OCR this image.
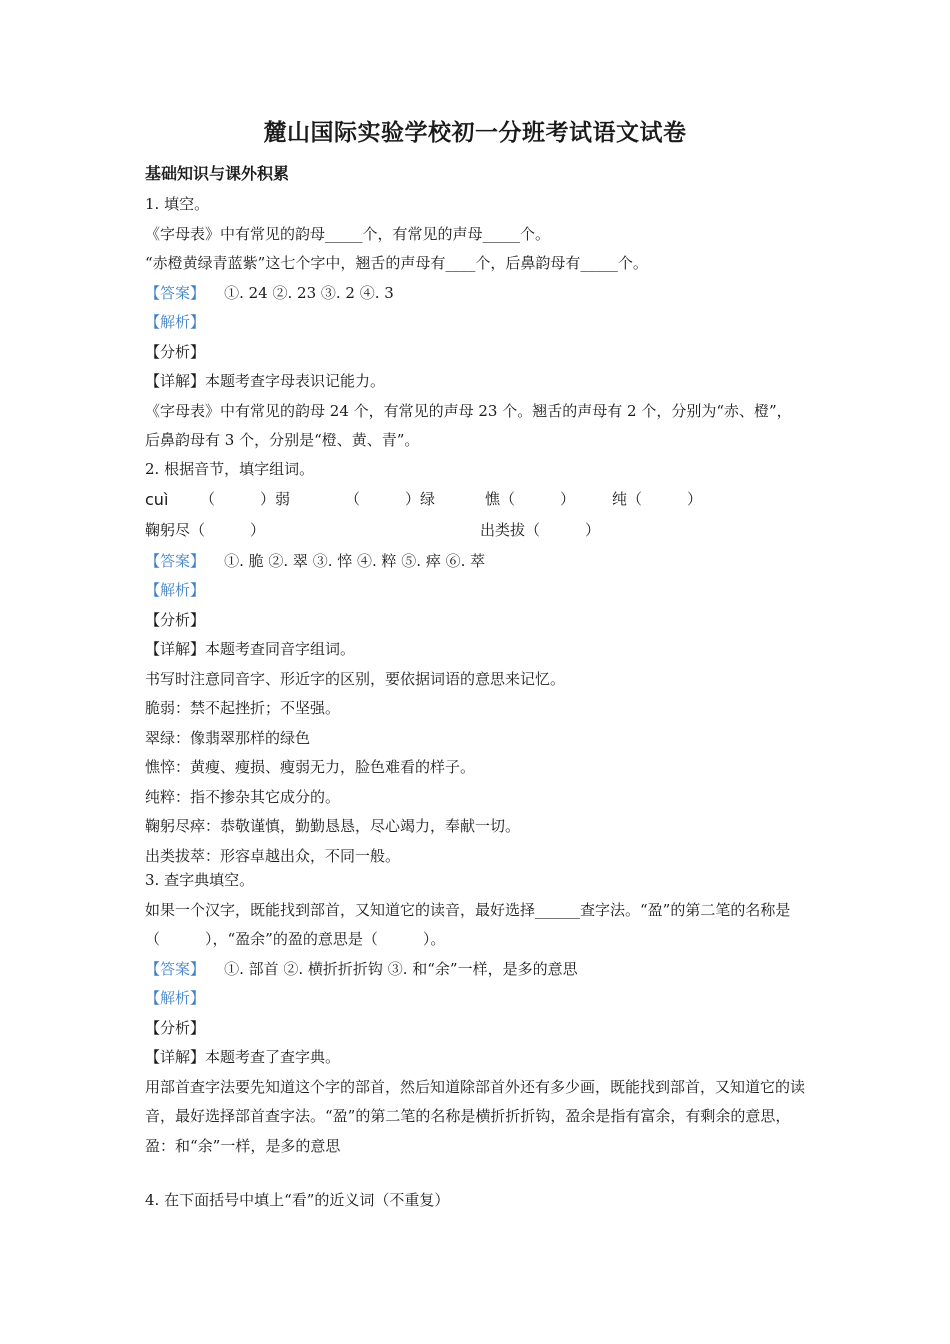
麓山国际实验学校初一分班考试语文试卷
基础知识与课外积累
1. 填空。
《字母表》中有常见的韵母_____个，有常见的声母_____个。
“赤橙黄绿青蓝紫”这七个字中，翘舌的声母有____个，后鼻韵母有_____个。
【答案】 ①. 24 ②. 23 ③. 2 ④. 3
【解析】
【分析】
【详解】本题考查字母表识记能力。
《字母表》中有常见的韵母 24 个，有常见的声母 23 个。翘舌的声母有 2 个，分别为“赤、橙”，后鼻韵母有 3 个，分别是“橙、黄、青”。
2. 根据音节，填字组词。
cuì （　　　）弱	（　　　）绿	憔（　　　） 纯（　　　）
鞠躬尽（　　　）	出类拔（　　　）
【答案】 ①. 脆 ②. 翠 ③. 悴 ④. 粹 ⑤. 瘁 ⑥. 萃
【解析】
【分析】
【详解】本题考查同音字组词。
书写时注意同音字、形近字的区别，要依据词语的意思来记忆。
脆弱：禁不起挫折；不坚强。
翠绿：像翡翠那样的绿色
憔悴：黄瘦、瘦损、瘦弱无力，脸色难看的样子。
纯粹：指不掺杂其它成分的。
鞠躬尽瘁：恭敬谨慎，勤勤恳恳，尽心竭力，奉献一切。
出类拔萃：形容卓越出众，不同一般。
3. 查字典填空。
如果一个汉字，既能找到部首，又知道它的读音，最好选择______查字法。“盈”的第二笔的名称是（　　　），“盈余”的盈的意思是（　　　）。
【答案】 ①. 部首 ②. 横折折折钩 ③. 和“余”一样，是多的意思
【解析】
【分析】
【详解】本题考查了查字典。
用部首查字法要先知道这个字的部首，然后知道除部首外还有多少画，既能找到部首，又知道它的读音，最好选择部首查字法。“盈”的第二笔的名称是横折折折钩，盈余是指有富余，有剩余的意思，盈：和“余”一样，是多的意思
4. 在下面括号中填上“看”的近义词（不重复）
